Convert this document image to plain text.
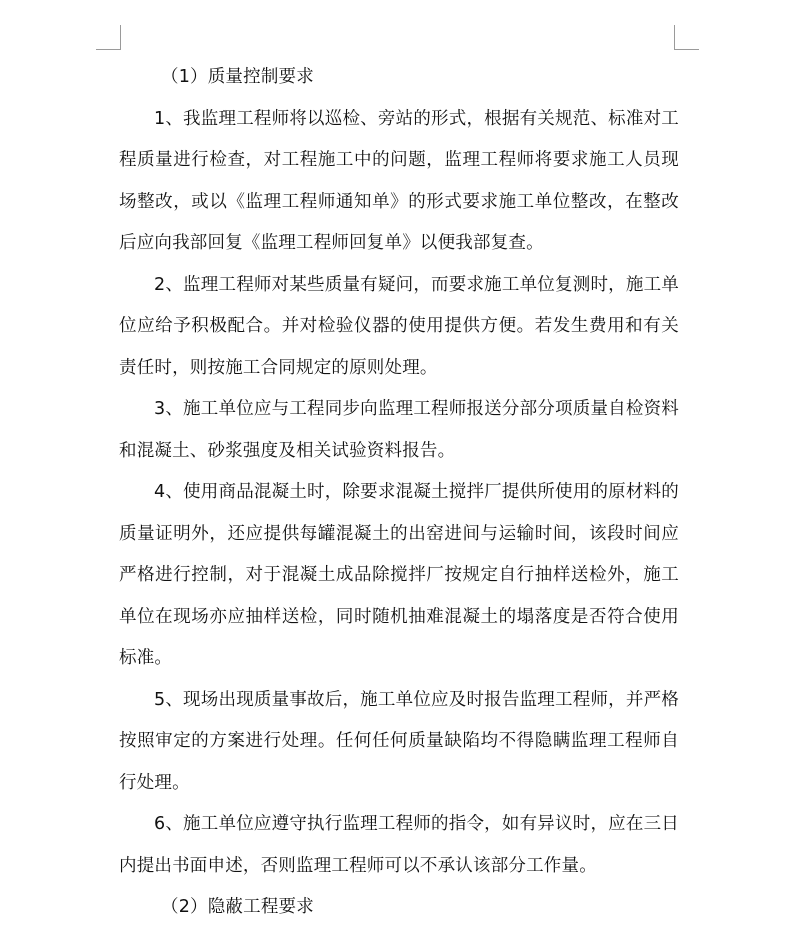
（1）质量控制要求

1、我监理工程师将以巡检、旁站的形式，根据有关规范、标准对工程质量进行检查，对工程施工中的问题，监理工程师将要求施工人员现场整改，或以《监理工程师通知单》的形式要求施工单位整改，在整改后应向我部回复《监理工程师回复单》以便我部复查。

2、监理工程师对某些质量有疑问，而要求施工单位复测时，施工单位应给予积极配合。并对检验仪器的使用提供方便。若发生费用和有关责任时，则按施工合同规定的原则处理。

3、施工单位应与工程同步向监理工程师报送分部分项质量自检资料和混凝土、砂浆强度及相关试验资料报告。

4、使用商品混凝土时，除要求混凝土搅拌厂提供所使用的原材料的质量证明外，还应提供每罐混凝土的出窑进间与运输时间，该段时间应严格进行控制，对于混凝土成品除搅拌厂按规定自行抽样送检外，施工单位在现场亦应抽样送检，同时随机抽难混凝土的塌落度是否符合使用标准。

5、现场出现质量事故后，施工单位应及时报告监理工程师，并严格按照审定的方案进行处理。任何任何质量缺陷均不得隐瞒监理工程师自行处理。

6、施工单位应遵守执行监理工程师的指令，如有异议时，应在三日内提出书面申述，否则监理工程师可以不承认该部分工作量。

（2）隐蔽工程要求
